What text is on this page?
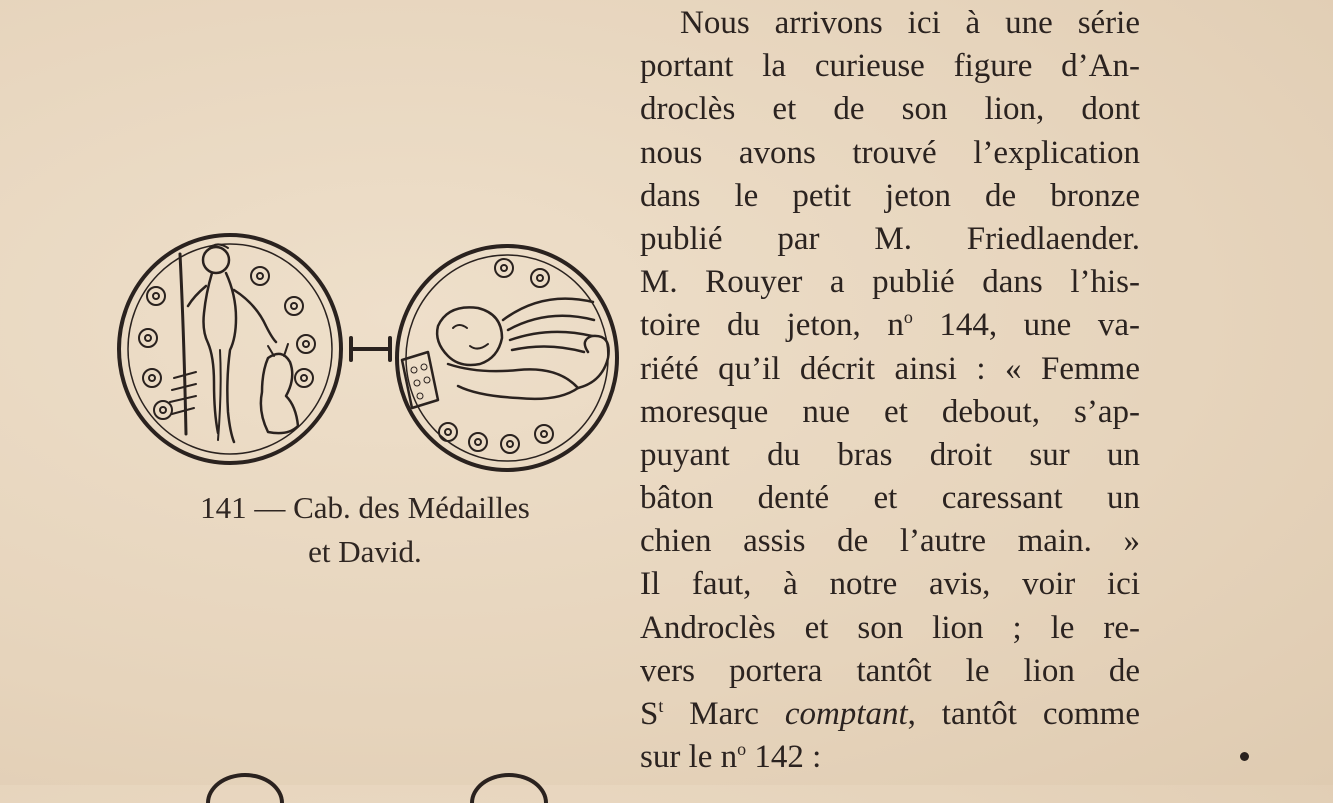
141 — Cab. des Médailles
et David.
Nous arrivons ici à une série
portant la curieuse figure d’An-
droclès et de son lion, dont
nous avons trouvé l’explication
dans le petit jeton de bronze
publié par M. Friedlaender.
M. Rouyer a publié dans l’his-
toire du jeton, $n^o$ 144, une va-
riété qu’il décrit ainsi : « Femme
moresque nue et debout, s’ap-
puyant du bras droit sur un
bâton denté et caressant un
chien assis de l’autre main. »
Il faut, à notre avis, voir ici
Androclès et son lion ; le re-
vers portera tantôt le lion de
$S^t$ Marc comptant, tantôt comme
sur le $n^o$ 142 :
